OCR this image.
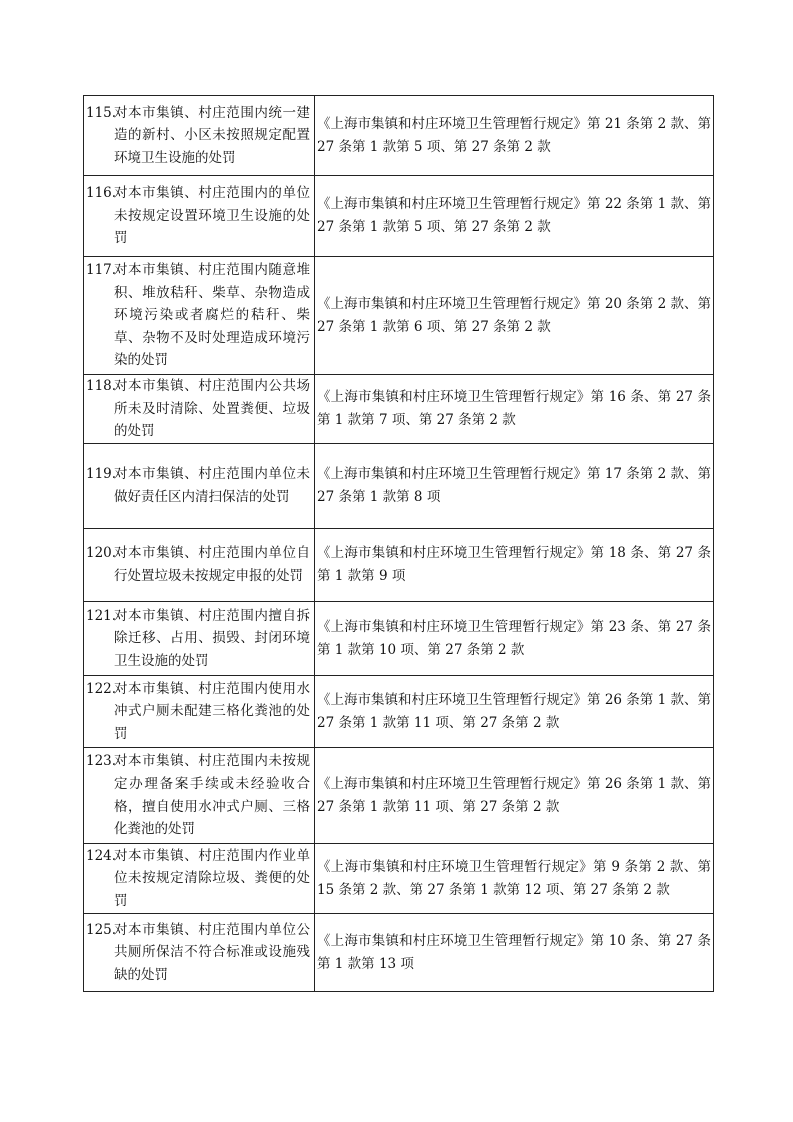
115.
对本市集镇、村庄范围内统一建造的新村、小区未按照规定配置环境卫生设施的处罚	《上海市集镇和村庄环境卫生管理暂行规定》第 21 条第 2 款、第 27 条第 1 款第 5 项、第 27 条第 2 款

116.
对本市集镇、村庄范围内的单位未按规定设置环境卫生设施的处罚	《上海市集镇和村庄环境卫生管理暂行规定》第 22 条第 1 款、第 27 条第 1 款第 5 项、第 27 条第 2 款

117.
对本市集镇、村庄范围内随意堆积、堆放秸秆、柴草、杂物造成环境污染或者腐烂的秸秆、柴草、杂物不及时处理造成环境污染的处罚	《上海市集镇和村庄环境卫生管理暂行规定》第 20 条第 2 款、第 27 条第 1 款第 6 项、第 27 条第 2 款

118.
对本市集镇、村庄范围内公共场所未及时清除、处置粪便、垃圾的处罚	《上海市集镇和村庄环境卫生管理暂行规定》第 16 条、第 27 条第 1 款第 7 项、第 27 条第 2 款

119.
对本市集镇、村庄范围内单位未做好责任区内清扫保洁的处罚	《上海市集镇和村庄环境卫生管理暂行规定》第 17 条第 2 款、第 27 条第 1 款第 8 项

120.
对本市集镇、村庄范围内单位自行处置垃圾未按规定申报的处罚	《上海市集镇和村庄环境卫生管理暂行规定》第 18 条、第 27 条第 1 款第 9 项

121.
对本市集镇、村庄范围内擅自拆除迁移、占用、损毁、封闭环境卫生设施的处罚	《上海市集镇和村庄环境卫生管理暂行规定》第 23 条、第 27 条第 1 款第 10 项、第 27 条第 2 款

122.
对本市集镇、村庄范围内使用水冲式户厕未配建三格化粪池的处罚	《上海市集镇和村庄环境卫生管理暂行规定》第 26 条第 1 款、第 27 条第 1 款第 11 项、第 27 条第 2 款

123.
对本市集镇、村庄范围内未按规定办理备案手续或未经验收合格，擅自使用水冲式户厕、三格化粪池的处罚	《上海市集镇和村庄环境卫生管理暂行规定》第 26 条第 1 款、第 27 条第 1 款第 11 项、第 27 条第 2 款

124.
对本市集镇、村庄范围内作业单位未按规定清除垃圾、粪便的处罚	《上海市集镇和村庄环境卫生管理暂行规定》第 9 条第 2 款、第 15 条第 2 款、第 27 条第 1 款第 12 项、第 27 条第 2 款

125.
对本市集镇、村庄范围内单位公共厕所保洁不符合标准或设施残缺的处罚	《上海市集镇和村庄环境卫生管理暂行规定》第 10 条、第 27 条第 1 款第 13 项
